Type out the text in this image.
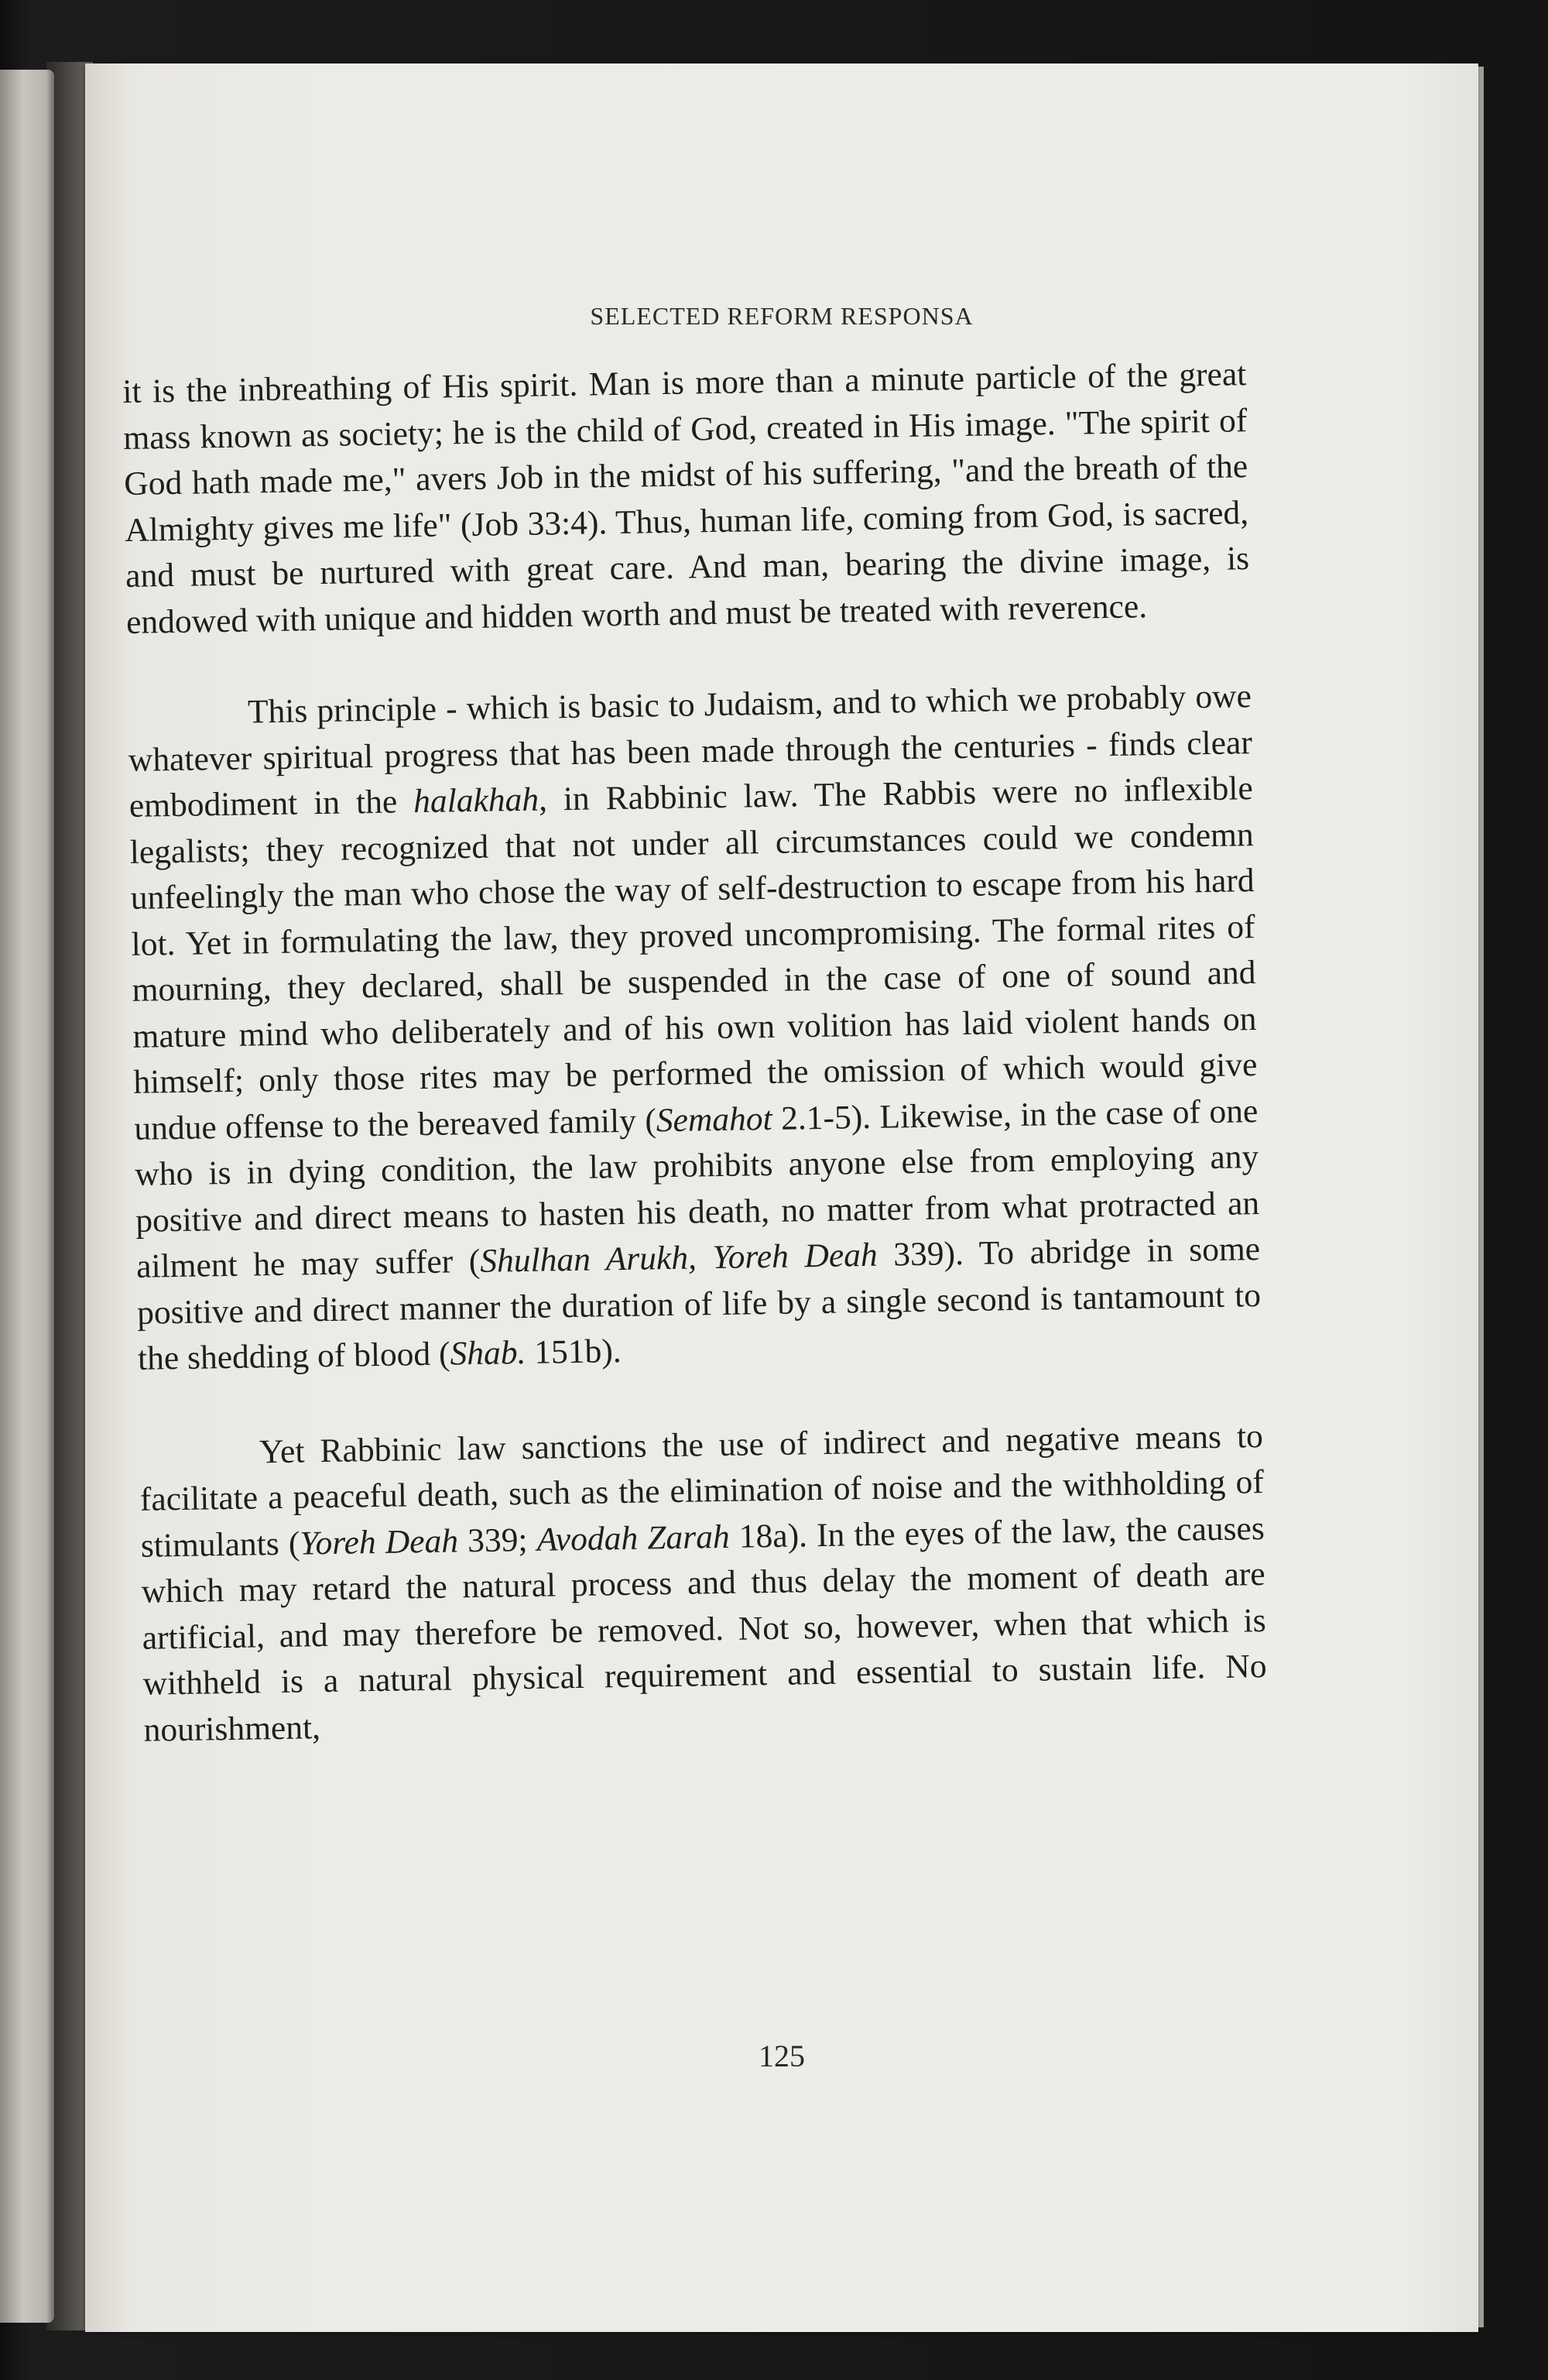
SELECTED REFORM RESPONSA

it is the inbreathing of His spirit. Man is more than a minute particle of the great mass known as society; he is the child of God, created in His image. "The spirit of God hath made me," avers Job in the midst of his suffering, "and the breath of the Almighty gives me life" (Job 33:4). Thus, human life, coming from God, is sacred, and must be nurtured with great care. And man, bearing the divine image, is endowed with unique and hidden worth and must be treated with reverence.

This principle - which is basic to Judaism, and to which we probably owe whatever spiritual progress that has been made through the centuries - finds clear embodiment in the halakhah, in Rabbinic law. The Rabbis were no inflexible legalists; they recognized that not under all circumstances could we condemn unfeelingly the man who chose the way of self-destruction to escape from his hard lot. Yet in formulating the law, they proved uncompromising. The formal rites of mourning, they declared, shall be suspended in the case of one of sound and mature mind who deliberately and of his own volition has laid violent hands on himself; only those rites may be performed the omission of which would give undue offense to the bereaved family (Semahot 2.1-5). Likewise, in the case of one who is in dying condition, the law prohibits anyone else from employing any positive and direct means to hasten his death, no matter from what protracted an ailment he may suffer (Shulhan Arukh, Yoreh Deah 339). To abridge in some positive and direct manner the duration of life by a single second is tantamount to the shedding of blood (Shab. 151b).

Yet Rabbinic law sanctions the use of indirect and negative means to facilitate a peaceful death, such as the elimination of noise and the withholding of stimulants (Yoreh Deah 339; Avodah Zarah 18a). In the eyes of the law, the causes which may retard the natural process and thus delay the moment of death are artificial, and may therefore be removed. Not so, however, when that which is withheld is a natural physical requirement and essential to sustain life. No nourishment,

125
